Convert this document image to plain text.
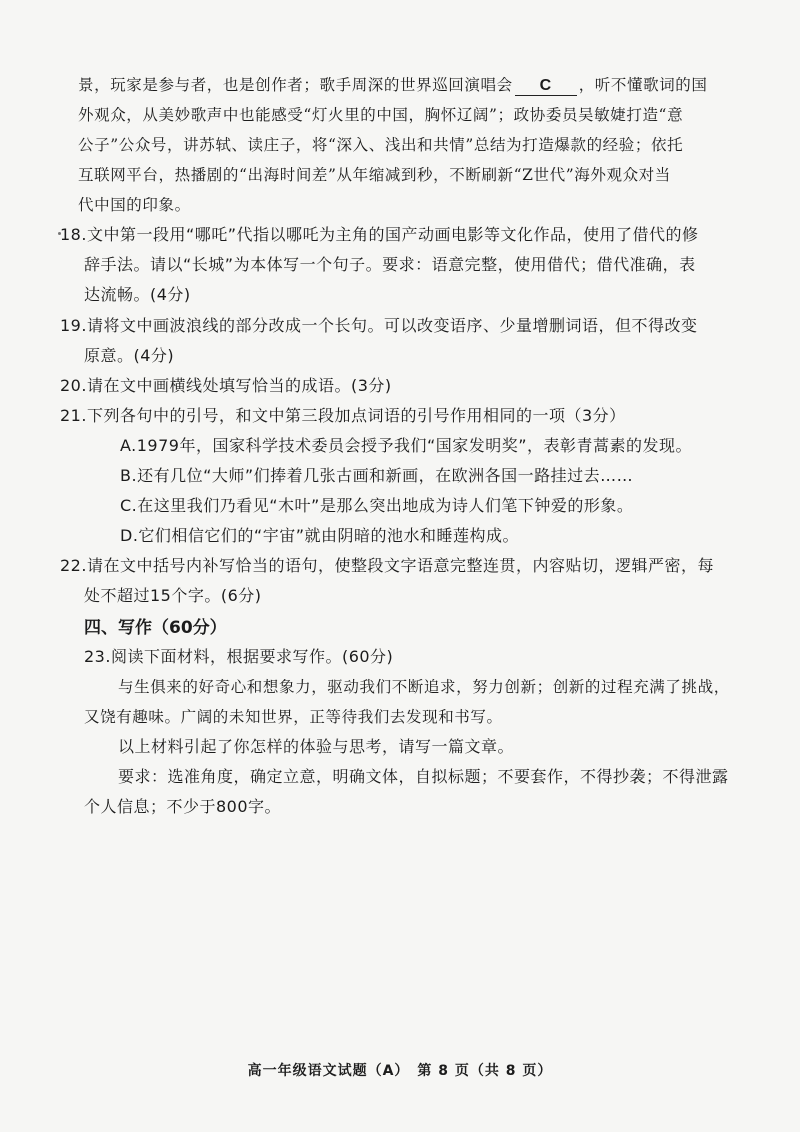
景，玩家是参与者，也是创作者；歌手周深的世界巡回演唱会 C ，听不懂歌词的国
外观众，从美妙歌声中也能感受“灯火里的中国，胸怀辽阔”；政协委员吴敏婕打造“意
公子”公众号，讲苏轼、读庄子，将“深入、浅出和共情”总结为打造爆款的经验；依托
互联网平台，热播剧的“出海时间差”从年缩减到秒，不断刷新“Z世代”海外观众对当
代中国的印象。
18.文中第一段用“哪吒”代指以哪吒为主角的国产动画电影等文化作品，使用了借代的修
辞手法。请以“长城”为本体写一个句子。要求：语意完整，使用借代；借代准确，表
达流畅。(4分)
19.请将文中画波浪线的部分改成一个长句。可以改变语序、少量增删词语，但不得改变
原意。(4分)
20.请在文中画横线处填写恰当的成语。(3分)
21.下列各句中的引号，和文中第三段加点词语的引号作用相同的一项（3分）
A.1979年，国家科学技术委员会授予我们“国家发明奖”，表彰青蒿素的发现。
B.还有几位“大师”们捧着几张古画和新画，在欧洲各国一路挂过去……
C.在这里我们乃看见“木叶”是那么突出地成为诗人们笔下钟爱的形象。
D.它们相信它们的“宇宙”就由阴暗的池水和睡莲构成。
22.请在文中括号内补写恰当的语句，使整段文字语意完整连贯，内容贴切，逻辑严密，每
处不超过15个字。(6分)
四、写作（60分）
23.阅读下面材料，根据要求写作。(60分)
与生俱来的好奇心和想象力，驱动我们不断追求，努力创新；创新的过程充满了挑战，
又饶有趣味。广阔的未知世界，正等待我们去发现和书写。
以上材料引起了你怎样的体验与思考，请写一篇文章。
要求：选准角度，确定立意，明确文体，自拟标题；不要套作，不得抄袭；不得泄露
个人信息；不少于800字。
高一年级语文试题（A）　第 8 页（共 8 页）
